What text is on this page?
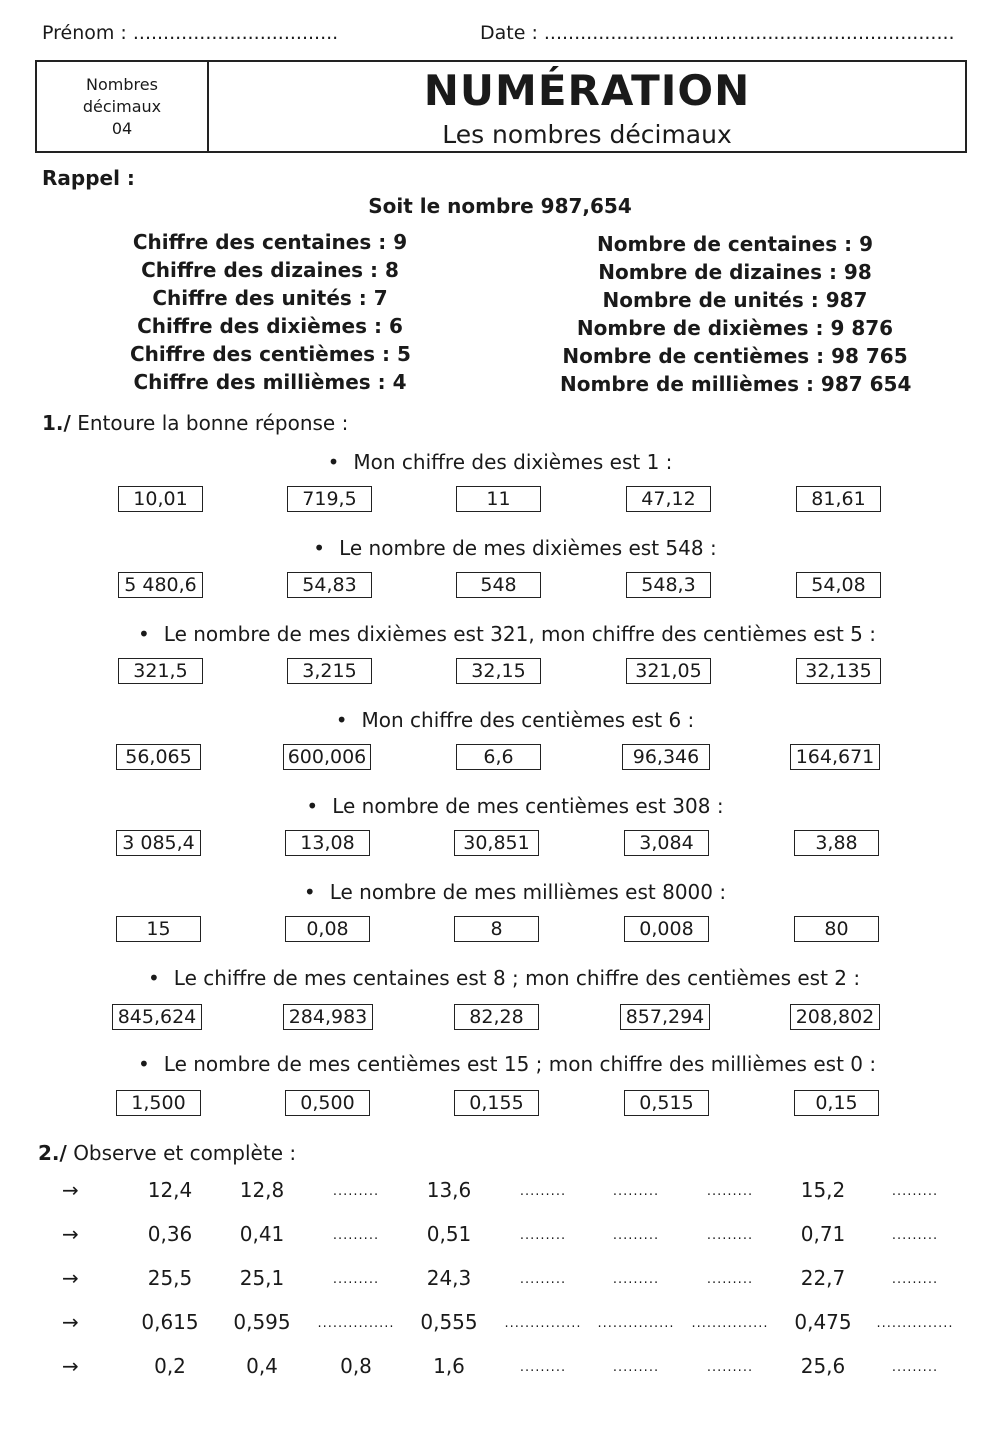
Prénom : ..................................	Date : ....................................................................
Nombres
décimaux
04
NUMÉRATION
Les nombres décimaux
Rappel :
Soit le nombre 987,654
Chiffre des centaines : 9
Chiffre des dizaines : 8
Chiffre des unités : 7
Chiffre des dixièmes : 6
Chiffre des centièmes : 5
Chiffre des millièmes : 4
Nombre de centaines : 9
Nombre de dizaines : 98
Nombre de unités : 987
Nombre de dixièmes : 9 876
Nombre de centièmes : 98 765
Nombre de millièmes : 987 654
1./ Entoure la bonne réponse :
• Mon chiffre des dixièmes est 1 :
10,01	719,5	11	47,12	81,61
• Le nombre de mes dixièmes est 548 :
5 480,6	54,83	548	548,3	54,08
• Le nombre de mes dixièmes est 321, mon chiffre des centièmes est 5 :
321,5	3,215	32,15	321,05	32,135
• Mon chiffre des centièmes est 6 :
56,065	600,006	6,6	96,346	164,671
• Le nombre de mes centièmes est 308 :
3 085,4	13,08	30,851	3,084	3,88
• Le nombre de mes millièmes est 8000 :
15	0,08	8	0,008	80
• Le chiffre de mes centaines est 8 ; mon chiffre des centièmes est 2 :
845,624	284,983	82,28	857,294	208,802
• Le nombre de mes centièmes est 15 ; mon chiffre des millièmes est 0 :
1,500	0,500	0,155	0,515	0,15
2./ Observe et complète :
→	12,4	12,8	.........	13,6	.........	.........	.........	15,2	.........
→	0,36	0,41	.........	0,51	.........	.........	.........	0,71	.........
→	25,5	25,1	.........	24,3	.........	.........	.........	22,7	.........
→	0,615	0,595	...............	0,555	...............	...............	...............	0,475	...............
→	0,2	0,4	0,8	1,6	.........	.........	.........	25,6	.........
